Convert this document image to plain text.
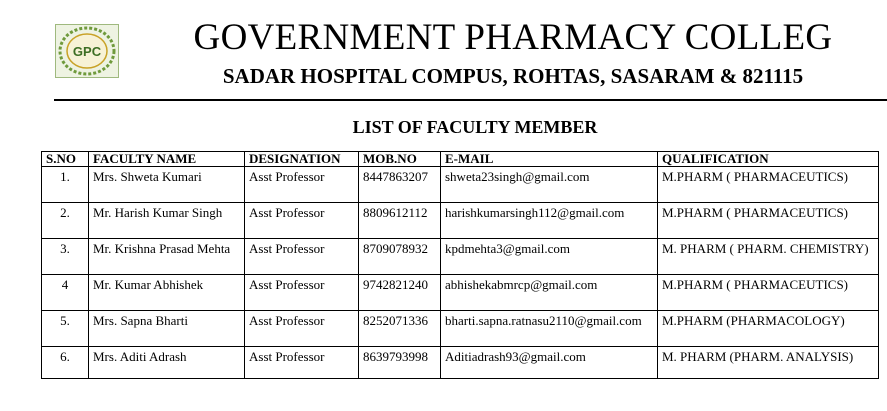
GPC	GOVERNMENT PHARMACY COLLEG
SADAR HOSPITAL COMPUS, ROHTAS, SASARAM & 821115
LIST OF FACULTY MEMBER
S.NO	FACULTY NAME	DESIGNATION	MOB.NO	E-MAIL	QUALIFICATION
1.	Mrs. Shweta Kumari	Asst Professor	8447863207	shweta23singh@gmail.com	M.PHARM ( PHARMACEUTICS)
2.	Mr. Harish Kumar Singh	Asst Professor	8809612112	harishkumarsingh112@gmail.com	M.PHARM ( PHARMACEUTICS)
3.	Mr. Krishna Prasad Mehta	Asst Professor	8709078932	kpdmehta3@gmail.com	M. PHARM ( PHARM. CHEMISTRY)
4	Mr. Kumar Abhishek	Asst Professor	9742821240	abhishekabmrcp@gmail.com	M.PHARM ( PHARMACEUTICS)
5.	Mrs. Sapna Bharti	Asst Professor	8252071336	bharti.sapna.ratnasu2110@gmail.com	M.PHARM (PHARMACOLOGY)
6.	Mrs. Aditi Adrash	Asst Professor	8639793998	Aditiadrash93@gmail.com	M. PHARM (PHARM. ANALYSIS)
